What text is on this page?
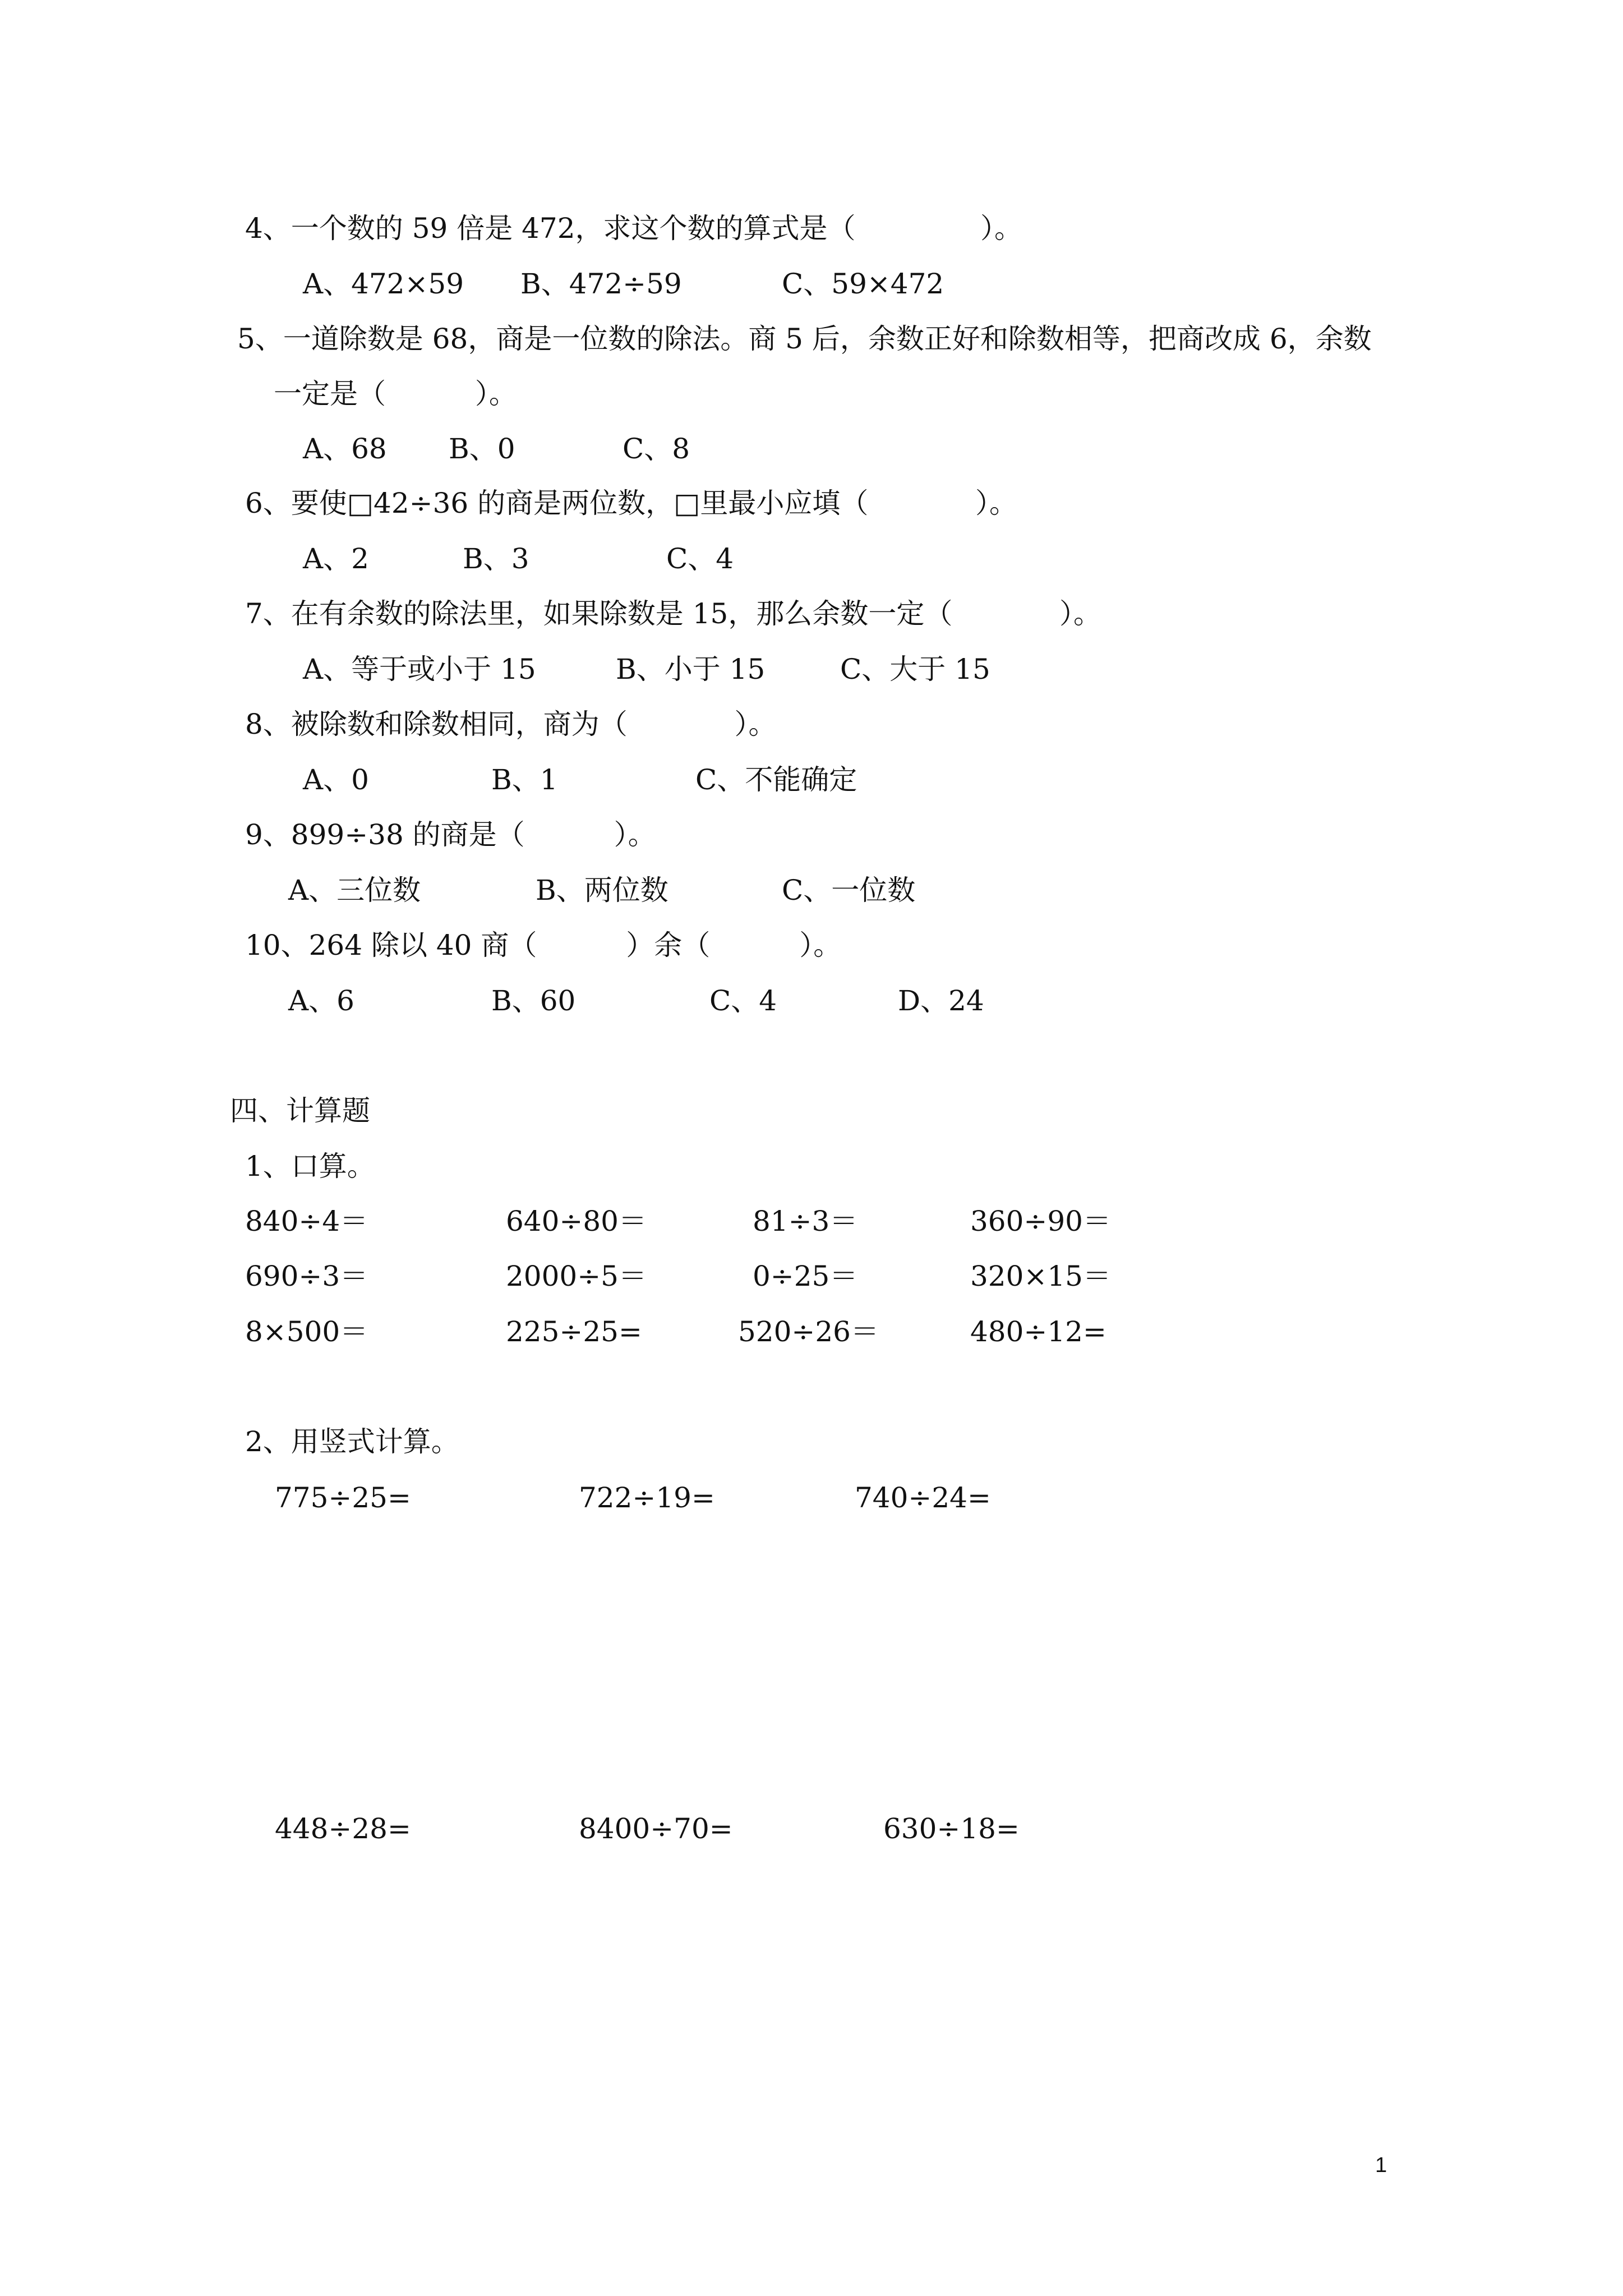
4、一个数的 59 倍是 472，求这个数的算式是（              ）。
A、472×59 B、472÷59	C、59×472
5、一道除数是 68，商是一位数的除法。商 5 后，余数正好和除数相等，把商改成 6，余数
一定是（          ）。
A、68 B、0	C、8
6、要使□42÷36 的商是两位数，□里最小应填（            ）。
A、2	B、3	C、4
7、在有余数的除法里，如果除数是 15，那么余数一定（            ）。
A、等于或小于 15	B、小于 15	C、大于 15
8、被除数和除数相同，商为（            ）。
A、0	B、1	C、不能确定
9、899÷38 的商是（          ）。
A、三位数	B、两位数	C、一位数
10、264 除以 40 商（          ）余（          ）。
A、6	B、60	C、4	D、24
四、计算题
1、口算。
840÷4＝	640÷80＝	81÷3＝	360÷90＝
690÷3＝	2000÷5＝	0÷25＝	320×15＝
8×500＝	225÷25=	520÷26＝	480÷12=
2、用竖式计算。
775÷25=	722÷19=	740÷24=
448÷28=	8400÷70=	630÷18=
1
